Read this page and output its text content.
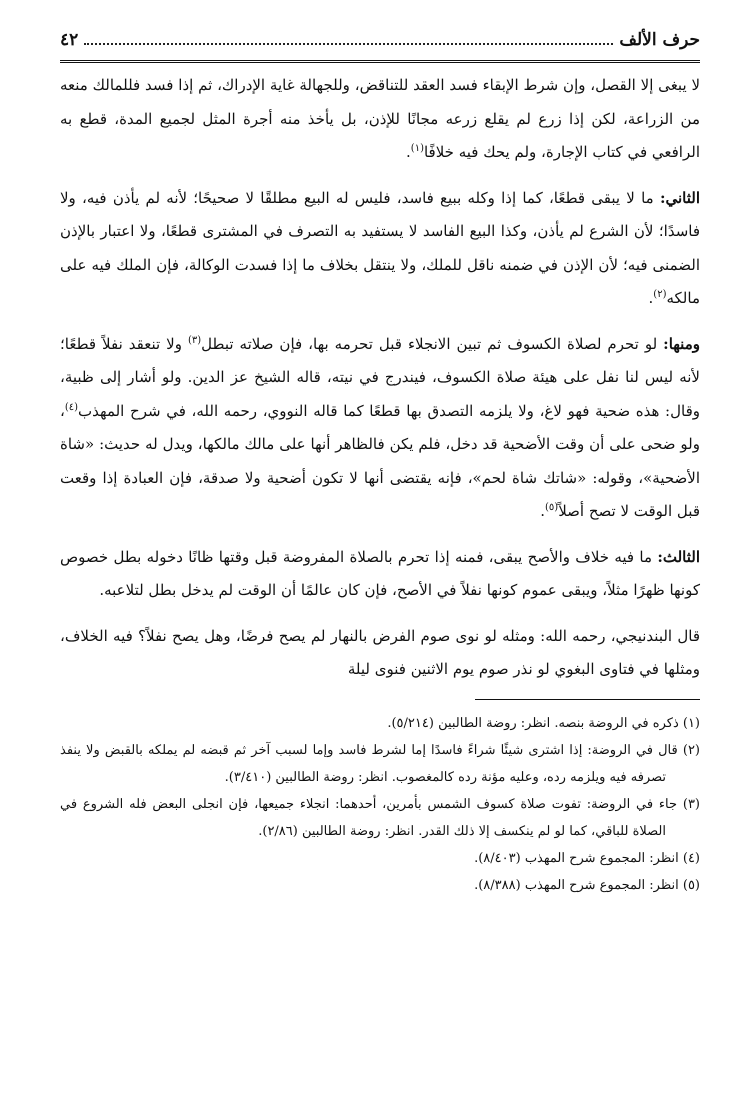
حرف الألف
٤٢

لا يبغى إلا القصل، وإن شرط الإبقاء فسد العقد للتناقض، وللجهالة غاية الإدراك، ثم إذا فسد فللمالك منعه من الزراعة، لكن إذا زرع لم يقلع زرعه مجانًا للإذن، بل يأخذ منه أجرة المثل لجميع المدة، قطع به الرافعي في كتاب الإجارة، ولم يحك فيه خلافًا$^{(١)}$.

الثاني: ما لا يبقى قطعًا، كما إذا وكله ببيع فاسد، فليس له البيع مطلقًا لا صحيحًا؛ لأنه لم يأذن فيه، ولا فاسدًا؛ لأن الشرع لم يأذن، وكذا البيع الفاسد لا يستفيد به التصرف في المشترى قطعًا، ولا اعتبار بالإذن الضمنى فيه؛ لأن الإذن في ضمنه ناقل للملك، ولا ينتقل بخلاف ما إذا فسدت الوكالة، فإن الملك فيه على مالكه$^{(٢)}$.

ومنها: لو تحرم لصلاة الكسوف ثم تبين الانجلاء قبل تحرمه بها، فإن صلاته تبطل$^{(٣)}$ ولا تنعقد نفلاً قطعًا؛ لأنه ليس لنا نفل على هيئة صلاة الكسوف، فيندرج في نيته، قاله الشيخ عز الدين. ولو أشار إلى ظبية، وقال: هذه ضحية فهو لاغ، ولا يلزمه التصدق بها قطعًا كما قاله النووي، رحمه الله، في شرح المهذب$^{(٤)}$، ولو ضحى على أن وقت الأضحية قد دخل، فلم يكن فالظاهر أنها على مالك مالكها، ويدل له حديث: «شاة الأضحية»، وقوله: «شاتك شاة لحم»، فإنه يقتضى أنها لا تكون أضحية ولا صدقة، فإن العبادة إذا وقعت قبل الوقت لا تصح أصلاً$^{(٥)}$.

الثالث: ما فيه خلاف والأصح يبقى، فمنه إذا تحرم بالصلاة المفروضة قبل وقتها ظانًا دخوله بطل خصوص كونها ظهرًا مثلاً، ويبقى عموم كونها نفلاً في الأصح، فإن كان عالمًا أن الوقت لم يدخل بطل لتلاعبه.

قال البندنيجي، رحمه الله: ومثله لو نوى صوم الفرض بالنهار لم يصح فرضًا، وهل يصح نفلاً؟ فيه الخلاف، ومثلها في فتاوى البغوي لو نذر صوم يوم الاثنين فنوى ليلة

(١) ذكره في الروضة بنصه. انظر: روضة الطالبين (٥/٢١٤).
(٢) قال في الروضة: إذا اشترى شيئًا شراءً فاسدًا إما لشرط فاسد وإما لسبب آخر ثم قبضه لم يملكه بالقبض ولا ينفذ تصرفه فيه ويلزمه رده، وعليه مؤنة رده كالمغصوب. انظر: روضة الطالبين (٣/٤١٠).
(٣) جاء في الروضة: تفوت صلاة كسوف الشمس بأمرين، أحدهما: انجلاء جميعها، فإن انجلى البعض فله الشروع في الصلاة للباقي، كما لو لم ينكسف إلا ذلك القدر. انظر: روضة الطالبين (٢/٨٦).
(٤) انظر: المجموع شرح المهذب (٨/٤٠٣).
(٥) انظر: المجموع شرح المهذب (٨/٣٨٨).
